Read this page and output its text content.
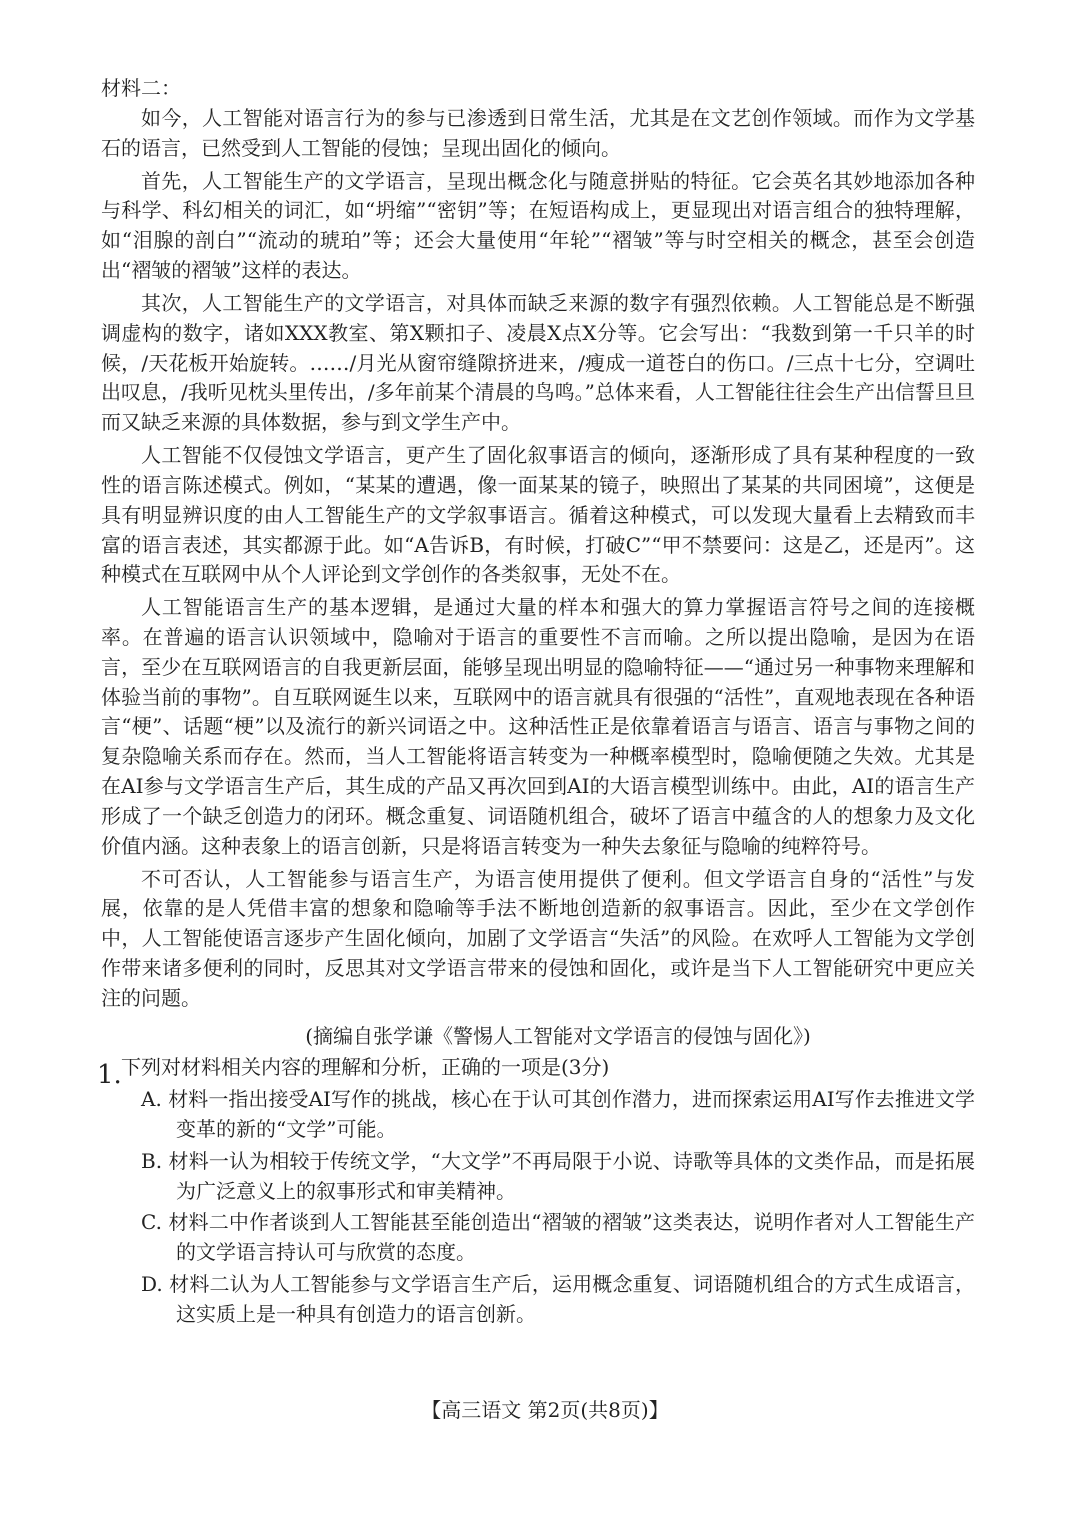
材料二：

如今，人工智能对语言行为的参与已渗透到日常生活，尤其是在文艺创作领域。而作为文学基石的语言，已然受到人工智能的侵蚀；呈现出固化的倾向。

首先，人工智能生产的文学语言，呈现出概念化与随意拼贴的特征。它会英名其妙地添加各种与科学、科幻相关的词汇，如“坍缩”“密钥”等；在短语构成上，更显现出对语言组合的独特理解，如“泪腺的剖白”“流动的琥珀”等；还会大量使用“年轮”“褶皱”等与时空相关的概念，甚至会创造出“褶皱的褶皱”这样的表达。

其次，人工智能生产的文学语言，对具体而缺乏来源的数字有强烈依赖。人工智能总是不断强调虚构的数字，诸如XXX教室、第X颗扣子、凌晨X点X分等。它会写出：“我数到第一千只羊的时候，/天花板开始旋转。……/月光从窗帘缝隙挤进来，/瘦成一道苍白的伤口。/三点十七分，空调吐出叹息，/我听见枕头里传出，/多年前某个清晨的鸟鸣。”总体来看，人工智能往往会生产出信誓旦旦而又缺乏来源的具体数据，参与到文学生产中。

人工智能不仅侵蚀文学语言，更产生了固化叙事语言的倾向，逐渐形成了具有某种程度的一致性的语言陈述模式。例如，“某某的遭遇，像一面某某的镜子，映照出了某某的共同困境”，这便是具有明显辨识度的由人工智能生产的文学叙事语言。循着这种模式，可以发现大量看上去精致而丰富的语言表述，其实都源于此。如“A告诉B，有时候，打破C”“甲不禁要问：这是乙，还是丙”。这种模式在互联网中从个人评论到文学创作的各类叙事，无处不在。

人工智能语言生产的基本逻辑，是通过大量的样本和强大的算力掌握语言符号之间的连接概率。在普遍的语言认识领域中，隐喻对于语言的重要性不言而喻。之所以提出隐喻，是因为在语言，至少在互联网语言的自我更新层面，能够呈现出明显的隐喻特征——“通过另一种事物来理解和体验当前的事物”。自互联网诞生以来，互联网中的语言就具有很强的“活性”，直观地表现在各种语言“梗”、话题“梗”以及流行的新兴词语之中。这种活性正是依靠着语言与语言、语言与事物之间的复杂隐喻关系而存在。然而，当人工智能将语言转变为一种概率模型时，隐喻便随之失效。尤其是在AI参与文学语言生产后，其生成的产品又再次回到AI的大语言模型训练中。由此，AI的语言生产形成了一个缺乏创造力的闭环。概念重复、词语随机组合，破坏了语言中蕴含的人的想象力及文化价值内涵。这种表象上的语言创新，只是将语言转变为一种失去象征与隐喻的纯粹符号。

不可否认，人工智能参与语言生产，为语言使用提供了便利。但文学语言自身的“活性”与发展，依靠的是人凭借丰富的想象和隐喻等手法不断地创造新的叙事语言。因此，至少在文学创作中，人工智能使语言逐步产生固化倾向，加剧了文学语言“失活”的风险。在欢呼人工智能为文学创作带来诸多便利的同时，反思其对文学语言带来的侵蚀和固化，或许是当下人工智能研究中更应关注的问题。

(摘编自张学谦《警惕人工智能对文学语言的侵蚀与固化》)

1. 下列对材料相关内容的理解和分析，正确的一项是(3分)

A. 材料一指出接受AI写作的挑战，核心在于认可其创作潜力，进而探索运用AI写作去推进文学变革的新的“文学”可能。

B. 材料一认为相较于传统文学，“大文学”不再局限于小说、诗歌等具体的文类作品，而是拓展为广泛意义上的叙事形式和审美精神。

C. 材料二中作者谈到人工智能甚至能创造出“褶皱的褶皱”这类表达，说明作者对人工智能生产的文学语言持认可与欣赏的态度。

D. 材料二认为人工智能参与文学语言生产后，运用概念重复、词语随机组合的方式生成语言，这实质上是一种具有创造力的语言创新。

【高三语文 第2页(共8页)】
